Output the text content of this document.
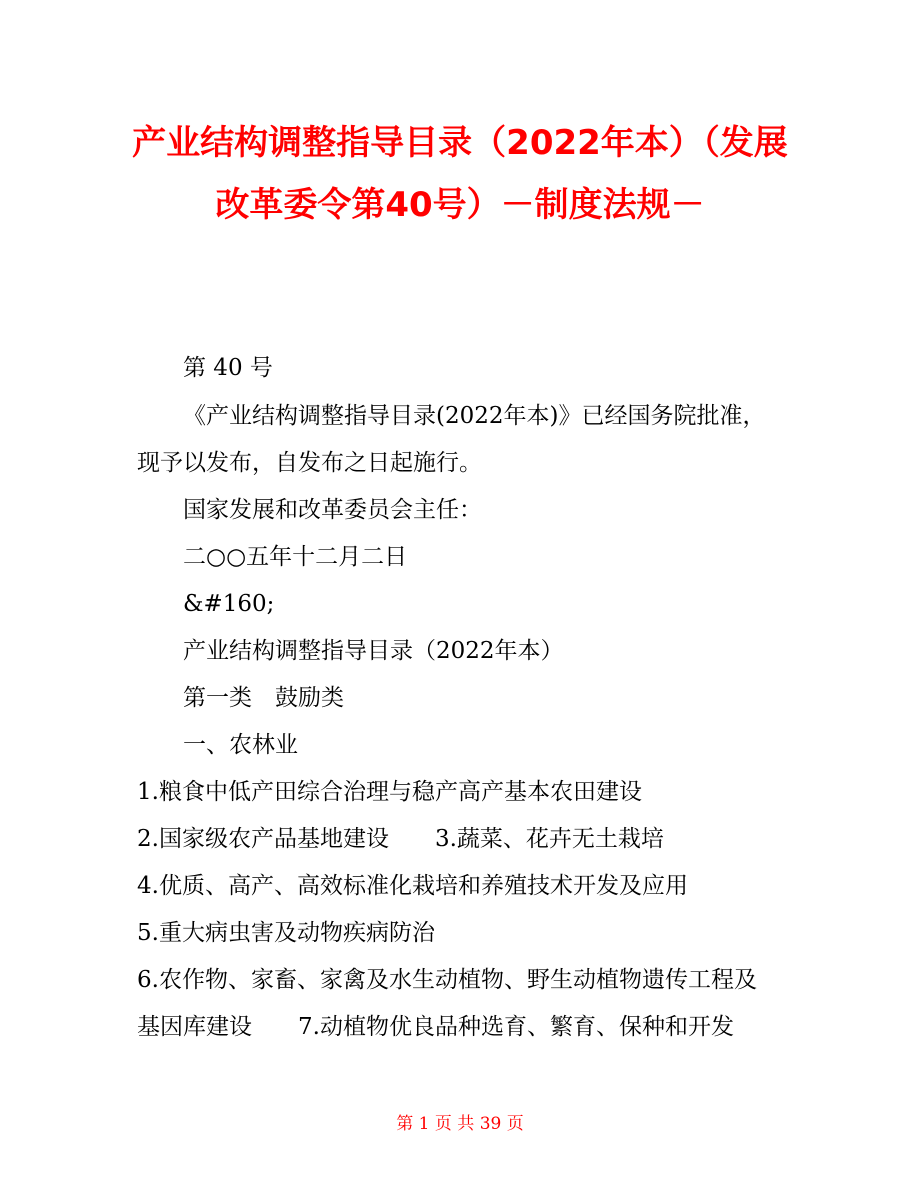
产业结构调整指导目录（2022年本）（发展改革委令第40号）－制度法规－

第 40 号

《产业结构调整指导目录(2022年本)》已经国务院批准，

现予以发布，自发布之日起施行。

国家发展和改革委员会主任：

二○○五年十二月二日

&#160;

产业结构调整指导目录（2022年本）

第一类　鼓励类

一、农林业

1.粮食中低产田综合治理与稳产高产基本农田建设

2.国家级农产品基地建设　　3.蔬菜、花卉无土栽培

4.优质、高产、高效标准化栽培和养殖技术开发及应用

5.重大病虫害及动物疾病防治

6.农作物、家畜、家禽及水生动植物、野生动植物遗传工程及

基因库建设　　7.动植物优良品种选育、繁育、保种和开发

第 1 页 共 39 页
